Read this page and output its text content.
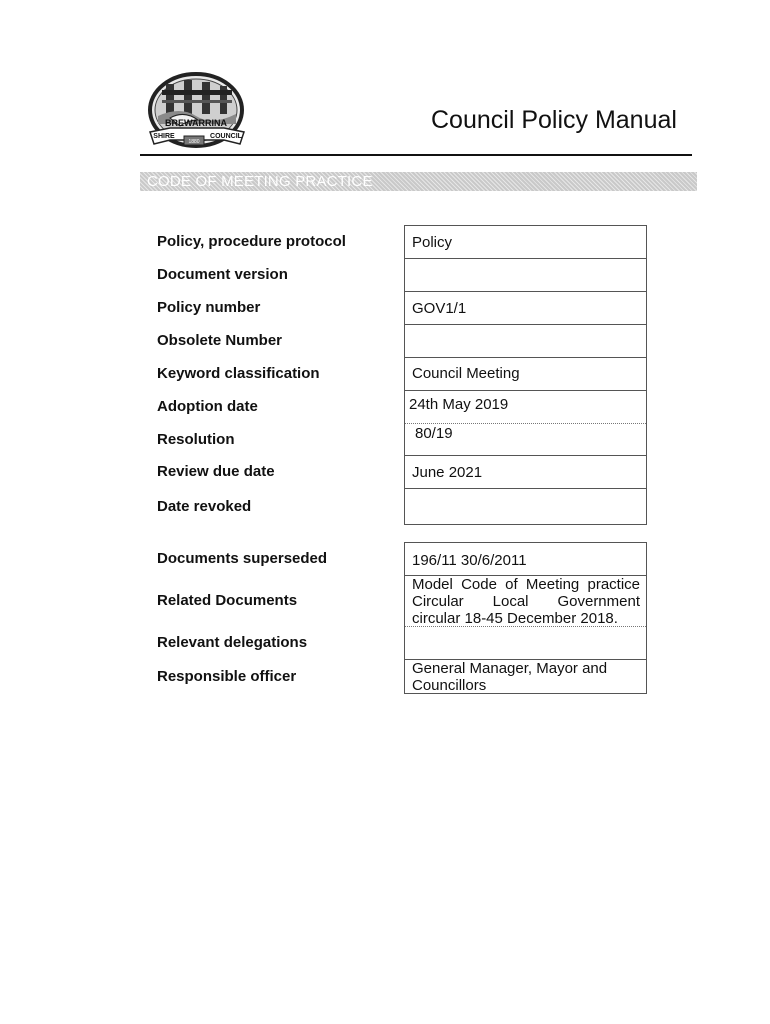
BREWARRINA
SHIRE	COUNCIL
1880
Council Policy Manual
CODE OF MEETING PRACTICE
Policy, procedure protocol
Document version
Policy number
Obsolete Number
Keyword classification
Adoption date
Resolution
Review due date
Date revoked
Policy
GOV1/1
Council Meeting
24th May 2019
80/19
June 2021
Documents superseded
Related Documents
Relevant delegations
Responsible officer
196/11 30/6/2011
Model Code of Meeting practice Circular Local Government circular 18-45 December 2018.
General Manager, Mayor and Councillors
